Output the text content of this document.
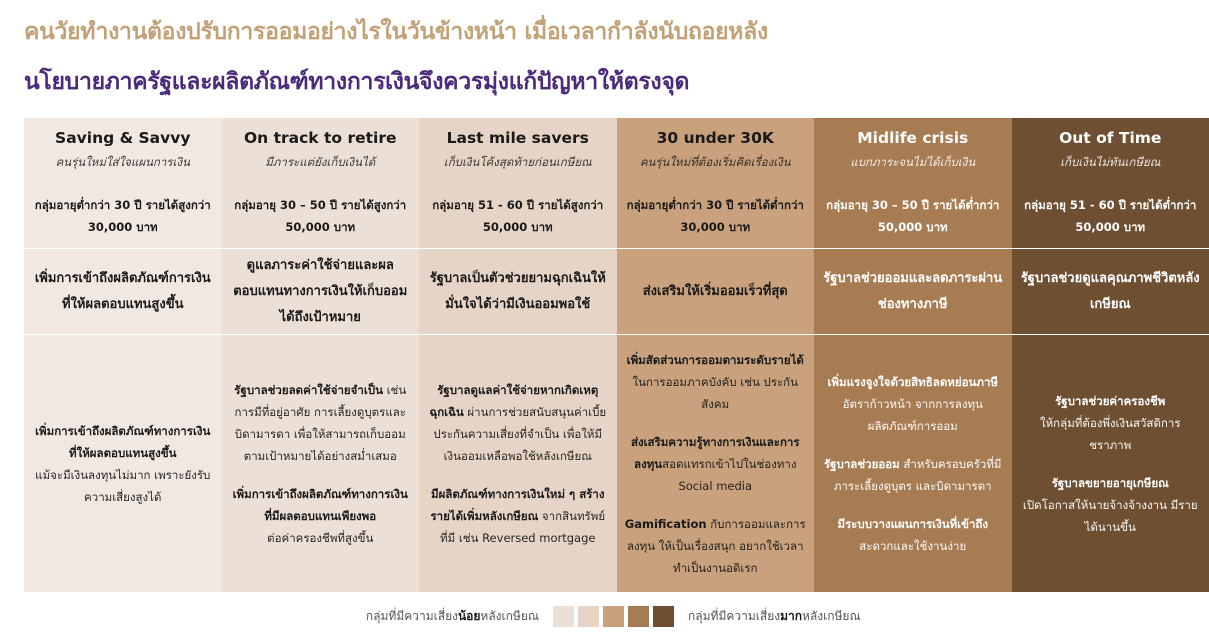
คนวัยทำงานต้องปรับการออมอย่างไรในวันข้างหน้า เมื่อเวลากำลังนับถอยหลัง
นโยบายภาครัฐและผลิตภัณฑ์ทางการเงินจึงควรมุ่งแก้ปัญหาให้ตรงจุด
Saving & Savvy
คนรุ่นใหม่ใส่ใจแผนการเงิน
กลุ่มอายุต่ำกว่า 30 ปี รายได้สูงกว่า 30,000 บาท
On track to retire
มีภาระแต่ยังเก็บเงินได้
กลุ่มอายุ 30 – 50 ปี รายได้สูงกว่า 50,000 บาท
Last mile savers
เก็บเงินโค้งสุดท้ายก่อนเกษียณ
กลุ่มอายุ 51 - 60 ปี รายได้สูงกว่า 50,000 บาท
30 under 30K
คนรุ่นใหม่ที่ต้องเริ่มคิดเรื่องเงิน
กลุ่มอายุต่ำกว่า 30 ปี รายได้ต่ำกว่า 30,000 บาท
Midlife crisis
แบกภาระจนไม่ได้เก็บเงิน
กลุ่มอายุ 30 – 50 ปี รายได้ต่ำกว่า 50,000 บาท
Out of Time
เก็บเงินไม่ทันเกษียณ
กลุ่มอายุ 51 - 60 ปี รายได้ต่ำกว่า 50,000 บาท
เพิ่มการเข้าถึงผลิตภัณฑ์การเงินที่ให้ผลตอบแทนสูงขึ้น
ดูแลภาระค่าใช้จ่ายและผลตอบแทนทางการเงินให้เก็บออมได้ถึงเป้าหมาย
รัฐบาลเป็นตัวช่วยยามฉุกเฉินให้มั่นใจได้ว่ามีเงินออมพอใช้
ส่งเสริมให้เริ่มออมเร็วที่สุด
รัฐบาลช่วยออมและลดภาระผ่านช่องทางภาษี
รัฐบาลช่วยดูแลคุณภาพชีวิตหลังเกษียณ
เพิ่มการเข้าถึงผลิตภัณฑ์ทางการเงินที่ให้ผลตอบแทนสูงขึ้น
แม้จะมีเงินลงทุนไม่มาก เพราะยังรับความเสี่ยงสูงได้
รัฐบาลช่วยลดค่าใช้จ่ายจำเป็น เช่น การมีที่อยู่อาศัย การเลี้ยงดูบุตรและบิดามารดา เพื่อให้สามารถเก็บออมตามเป้าหมายได้อย่างสม่ำเสมอ
เพิ่มการเข้าถึงผลิตภัณฑ์ทางการเงินที่มีผลตอบแทนเพียงพอ
ต่อค่าครองชีพที่สูงขึ้น
รัฐบาลดูแลค่าใช้จ่ายหากเกิดเหตุฉุกเฉิน ผ่านการช่วยสนับสนุนค่าเบี้ยประกันความเสี่ยงที่จำเป็น เพื่อให้มีเงินออมเหลือพอใช้หลังเกษียณ
มีผลิตภัณฑ์ทางการเงินใหม่ ๆ สร้างรายได้เพิ่มหลังเกษียณ จากสินทรัพย์ที่มี เช่น Reversed mortgage
เพิ่มสัดส่วนการออมตามระดับรายได้ในการออมภาคบังคับ เช่น ประกันสังคม
ส่งเสริมความรู้ทางการเงินและการลงทุนสอดแทรกเข้าไปในช่องทาง Social media
Gamification กับการออมและการลงทุน ให้เป็นเรื่องสนุก อยากใช้เวลาทำเป็นงานอดิเรก
เพิ่มแรงจูงใจด้วยสิทธิลดหย่อนภาษี อัตราก้าวหน้า จากการลงทุนผลิตภัณฑ์การออม
รัฐบาลช่วยออม สำหรับครอบครัวที่มีภาระเลี้ยงดูบุตร และบิดามารดา
มีระบบวางแผนการเงินที่เข้าถึง
สะดวกและใช้งานง่าย
รัฐบาลช่วยค่าครองชีพ
ให้กลุ่มที่ต้องพึ่งเงินสวัสดิการชราภาพ
รัฐบาลขยายอายุเกษียณ
เปิดโอกาสให้นายจ้างจ้างงาน มีรายได้นานขึ้น
กลุ่มที่มีความเสี่ยงน้อยหลังเกษียณ	กลุ่มที่มีความเสี่ยงมากหลังเกษียณ
